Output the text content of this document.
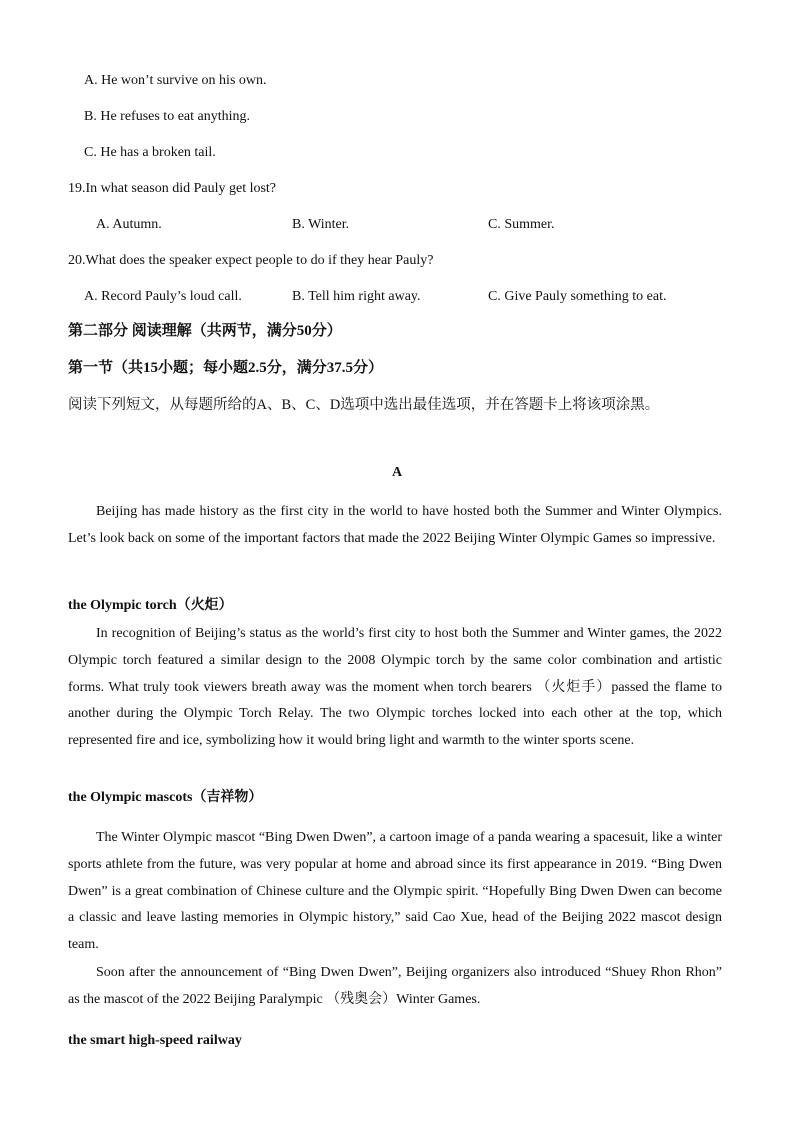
A. He won’t survive on his own.
B. He refuses to eat anything.
C. He has a broken tail.
19.In what season did Pauly get lost?
A. Autumn.	B. Winter.	C. Summer.
20.What does the speaker expect people to do if they hear Pauly?
A. Record Pauly’s loud call.	B. Tell him right away.	C. Give Pauly something to eat.
第二部分 阅读理解（共两节，满分50分）
第一节（共15小题；每小题2.5分，满分37.5分）
阅读下列短文，从每题所给的A、B、C、D选项中选出最佳选项，并在答题卡上将该项涂黑。
A

Beijing has made history as the first city in the world to have hosted both the Summer and Winter Olympics. Let’s look back on some of the important factors that made the 2022 Beijing Winter Olympic Games so impressive.

the Olympic torch（火炬）

In recognition of Beijing’s status as the world’s first city to host both the Summer and Winter games, the 2022 Olympic torch featured a similar design to the 2008 Olympic torch by the same color combination and artistic forms. What truly took viewers breath away was the moment when torch bearers （火炬手）passed the flame to another during the Olympic Torch Relay. The two Olympic torches locked into each other at the top, which represented fire and ice, symbolizing how it would bring light and warmth to the winter sports scene.

the Olympic mascots（吉祥物）

The Winter Olympic mascot “Bing Dwen Dwen”, a cartoon image of a panda wearing a spacesuit, like a winter sports athlete from the future, was very popular at home and abroad since its first appearance in 2019. “Bing Dwen Dwen” is a great combination of Chinese culture and the Olympic spirit. “Hopefully Bing Dwen Dwen can become a classic and leave lasting memories in Olympic history,” said Cao Xue, head of the Beijing 2022 mascot design team.

Soon after the announcement of “Bing Dwen Dwen”, Beijing organizers also introduced “Shuey Rhon Rhon” as the mascot of the 2022 Beijing Paralympic （残奥会）Winter Games.

the smart high-speed railway
